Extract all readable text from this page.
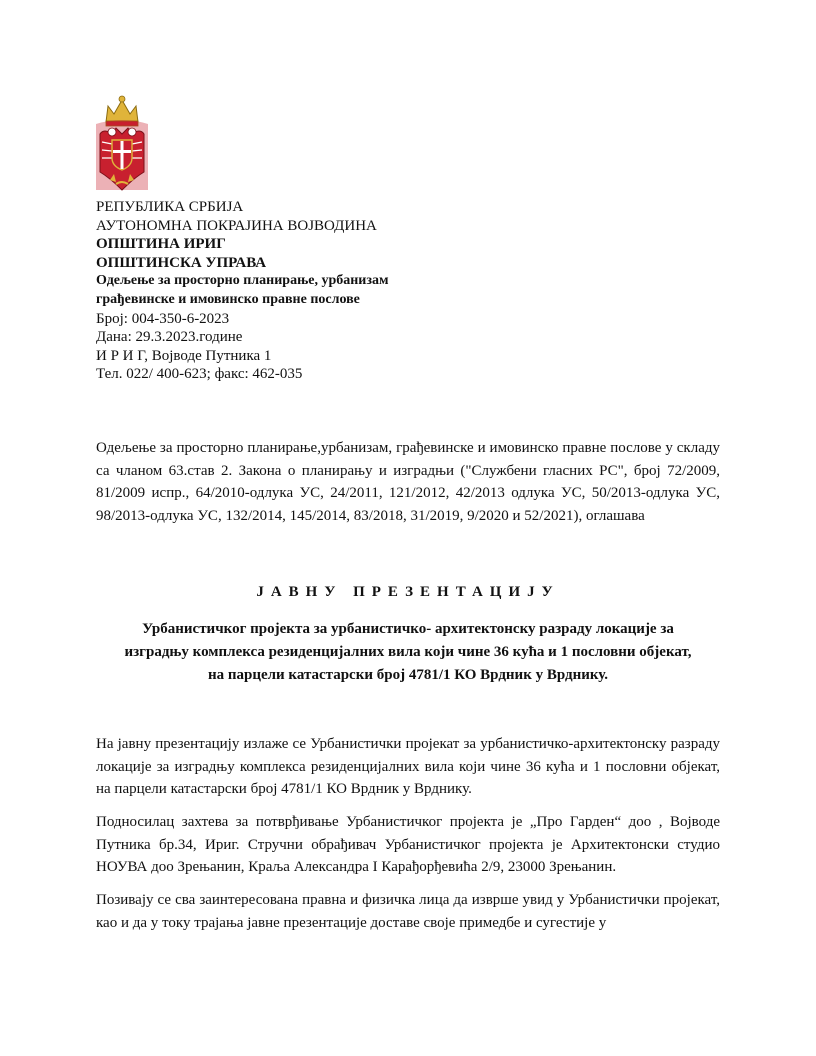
РЕПУБЛИКА СРБИЈА
АУТОНОМНА ПОКРАЈИНА ВОЈВОДИНА
ОПШТИНА ИРИГ
ОПШТИНСКА УПРАВА
Одељење за просторно планирање, урбанизам
грађевинске и имовинско правне послове
Број: 004-350-6-2023
Дана: 29.3.2023.године
И Р И Г, Војводе Путника 1
Тел. 022/ 400-623; факс: 462-035
Одељење за просторно планирање,урбанизам, грађевинске и имовинско правне послове у складу са чланом 63.став 2. Закона о планирању и изградњи ("Службени гласних РС", број 72/2009, 81/2009 испр., 64/2010-одлука УС, 24/2011, 121/2012, 42/2013 одлука УС, 50/2013-одлука УС, 98/2013-одлука УС, 132/2014, 145/2014, 83/2018, 31/2019, 9/2020 и 52/2021), оглашава
ЈАВНУ ПРЕЗЕНТАЦИЈУ
Урбанистичког пројекта за урбанистичко- архитектонску разраду локације за
изградњу комплекса резиденцијалних вила који чине 36 кућа и 1 пословни објекат,
на парцели катастарски број 4781/1 КО Врдник у Врднику.
На јавну презентацију излаже се Урбанистички пројекат за урбанистичко-архитектонску разраду локације за изградњу комплекса резиденцијалних вила који чине 36 кућа и 1 пословни објекат, на парцели катастарски број 4781/1 КО Врдник у Врднику.
Подносилац захтева за потврђивање Урбанистичког пројекта је „Про Гарден“ доо , Војводе Путника бр.34, Ириг. Стручни обрађивач Урбанистичког пројекта је Архитектонски студио НОУВА доо Зрењанин, Краља Александра I Карађорђевића 2/9, 23000 Зрењанин.
Позивају се сва заинтересована правна и физичка лица да изврше увид у Урбанистички пројекат, као и да у току трајања јавне презентације доставе своје примедбе и сугестије у
